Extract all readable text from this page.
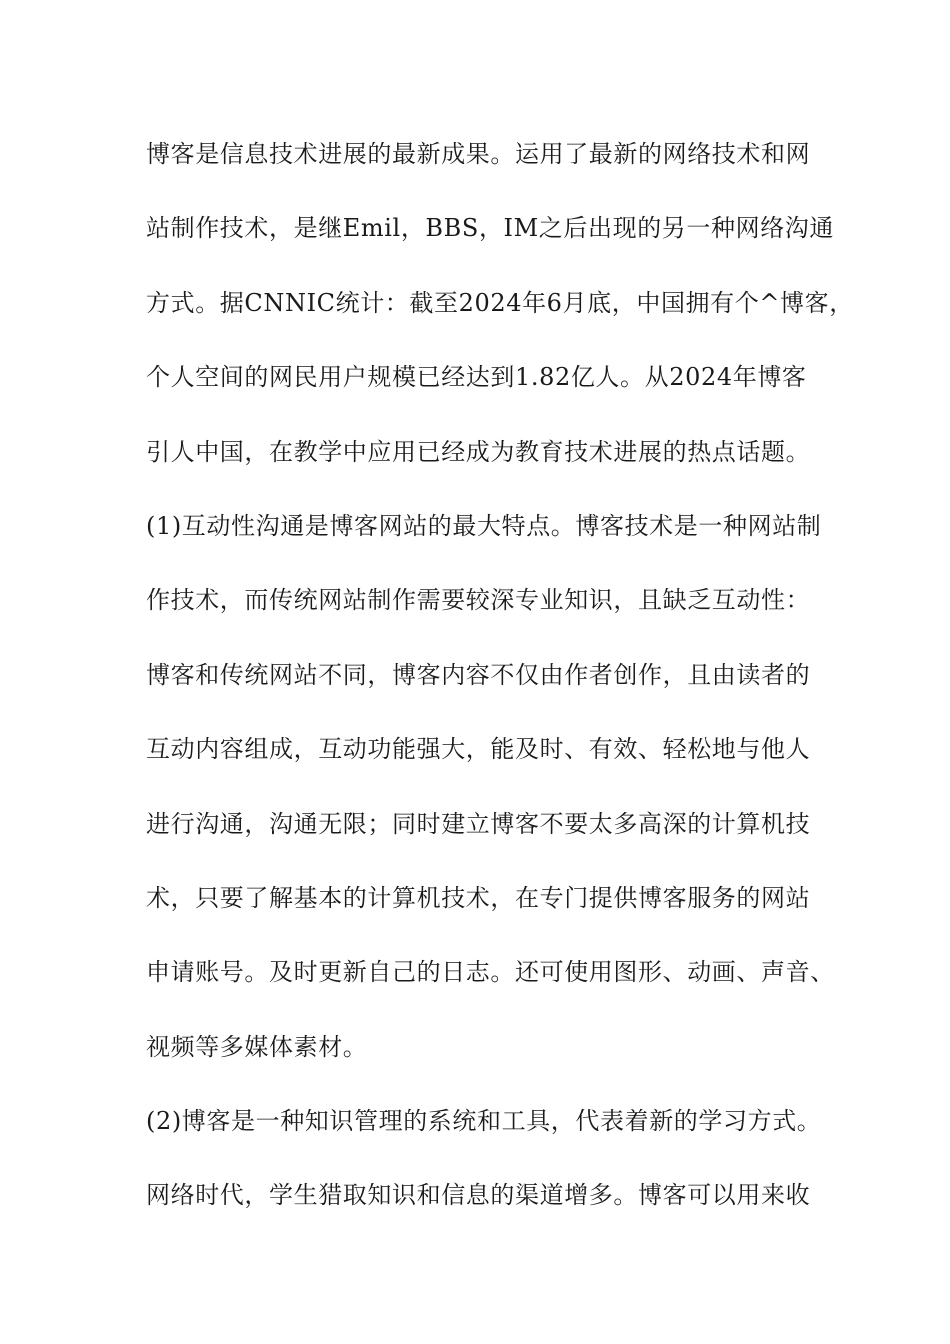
博客是信息技术进展的最新成果。运用了最新的网络技术和网
站制作技术，是继Emil，BBS，IM之后出现的另一种网络沟通
方式。据CNNIC统计：截至2024年6月底，中国拥有个^博客，
个人空间的网民用户规模已经达到1.82亿人。从2024年博客
引人中国，在教学中应用已经成为教育技术进展的热点话题。
(1)互动性沟通是博客网站的最大特点。博客技术是一种网站制
作技术，而传统网站制作需要较深专业知识，且缺乏互动性：
博客和传统网站不同，博客内容不仅由作者创作，且由读者的
互动内容组成，互动功能强大，能及时、有效、轻松地与他人
进行沟通，沟通无限；同时建立博客不要太多高深的计算机技
术，只要了解基本的计算机技术，在专门提供博客服务的网站
申请账号。及时更新自己的日志。还可使用图形、动画、声音、
视频等多媒体素材。
(2)博客是一种知识管理的系统和工具，代表着新的学习方式。
网络时代，学生猎取知识和信息的渠道增多。博客可以用来收
